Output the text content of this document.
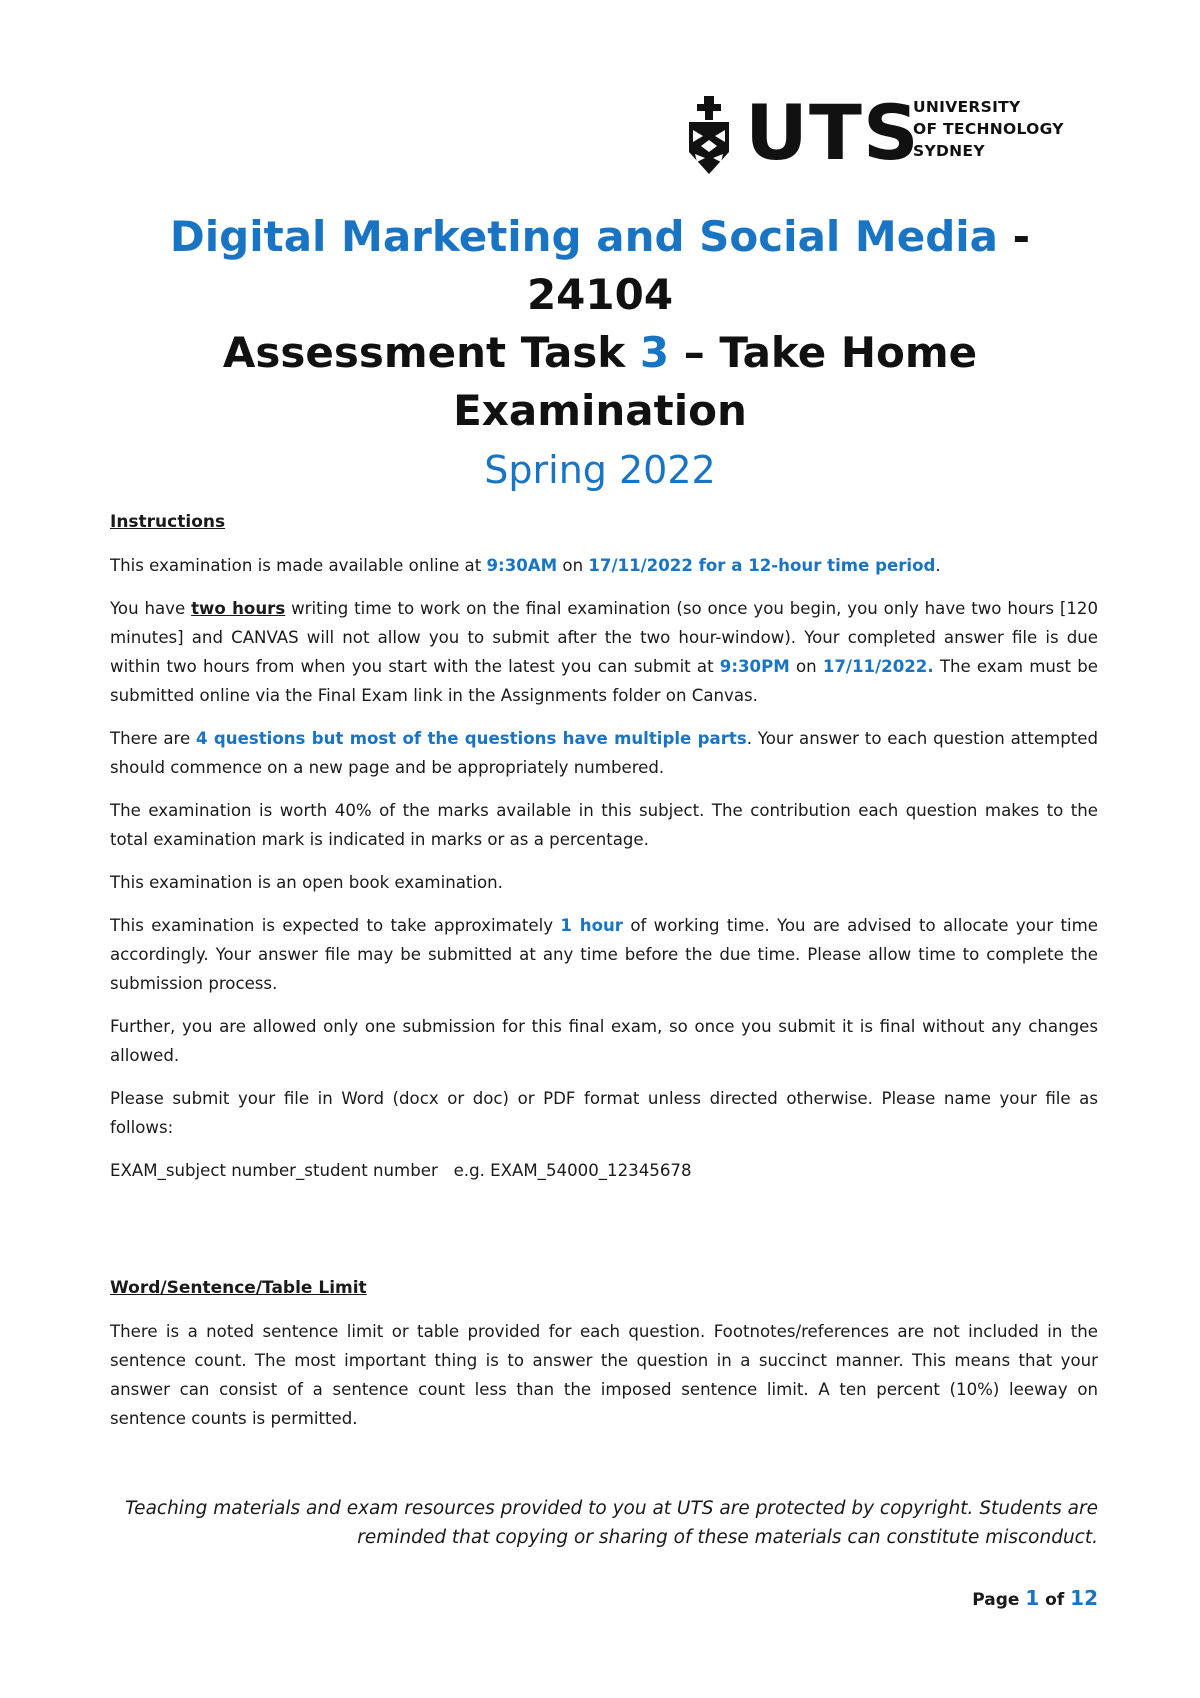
UTS
UNIVERSITY
OF TECHNOLOGY
SYDNEY
Digital Marketing and Social Media -
24104
Assessment Task 3 – Take Home
Examination
Spring 2022

Instructions

This examination is made available online at 9:30AM on 17/11/2022 for a 12-hour time period.

You have two hours writing time to work on the final examination (so once you begin, you only have two hours [120 minutes] and CANVAS will not allow you to submit after the two hour-window). Your completed answer file is due within two hours from when you start with the latest you can submit at 9:30PM on 17/11/2022. The exam must be submitted online via the Final Exam link in the Assignments folder on Canvas.

There are 4 questions but most of the questions have multiple parts. Your answer to each question attempted should commence on a new page and be appropriately numbered.

The examination is worth 40% of the marks available in this subject. The contribution each question makes to the total examination mark is indicated in marks or as a percentage.

This examination is an open book examination.

This examination is expected to take approximately 1 hour of working time. You are advised to allocate your time accordingly. Your answer file may be submitted at any time before the due time. Please allow time to complete the submission process.

Further, you are allowed only one submission for this final exam, so once you submit it is final without any changes allowed.

Please submit your file in Word (docx or doc) or PDF format unless directed otherwise. Please name your file as follows:

EXAM_subject number_student number   e.g. EXAM_54000_12345678

Word/Sentence/Table Limit

There is a noted sentence limit or table provided for each question. Footnotes/references are not included in the sentence count. The most important thing is to answer the question in a succinct manner. This means that your answer can consist of a sentence count less than the imposed sentence limit. A ten percent (10%) leeway on sentence counts is permitted.

Teaching materials and exam resources provided to you at UTS are protected by copyright. Students are reminded that copying or sharing of these materials can constitute misconduct.
Page 1 of 12
